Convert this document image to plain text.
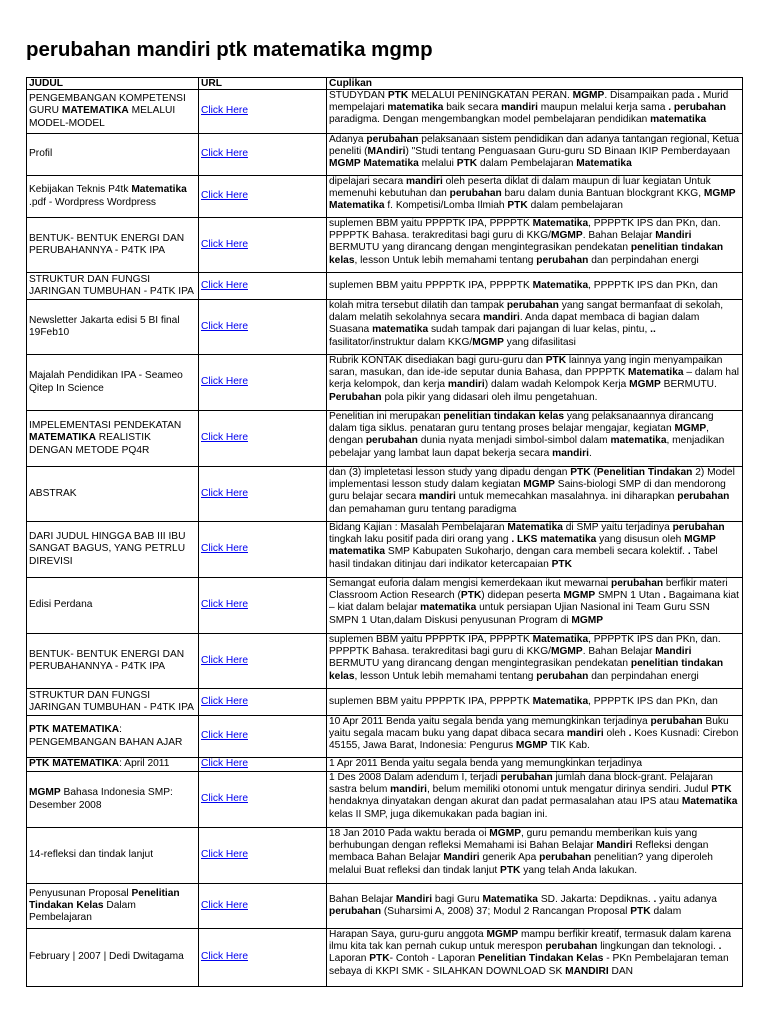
perubahan mandiri ptk matematika mgmp
JUDUL	URL	Cuplikan
PENGEMBANGAN KOMPETENSI GURU MATEMATIKA MELALUI MODEL-MODEL	Click Here	STUDYDAN PTK MELALUI PENINGKATAN PERAN. MGMP. Disampaikan pada . Murid mempelajari matematika baik secara mandiri maupun melalui kerja sama . perubahan paradigma. Dengan mengembangkan model pembelajaran pendidikan matematika
Profil	Click Here	Adanya perubahan pelaksanaan sistem pendidikan dan adanya tantangan regional, Ketua peneliti (MAndiri) "Studi tentang Penguasaan Guru-guru SD Binaan IKIP Pemberdayaan MGMP Matematika melalui PTK dalam Pembelajaran Matematika
Kebijakan Teknis P4tk Matematika .pdf - Wordpress Wordpress	Click Here	dipelajari secara mandiri oleh peserta diklat di dalam maupun di luar kegiatan Untuk memenuhi kebutuhan dan perubahan baru dalam dunia Bantuan blockgrant KKG, MGMP Matematika f. Kompetisi/Lomba Ilmiah PTK dalam pembelajaran
BENTUK- BENTUK ENERGI DAN PERUBAHANNYA - P4TK IPA	Click Here	suplemen BBM yaitu PPPPTK IPA, PPPPTK Matematika, PPPPTK IPS dan PKn, dan. PPPPTK Bahasa. terakreditasi bagi guru di KKG/MGMP. Bahan Belajar Mandiri BERMUTU yang dirancang dengan mengintegrasikan pendekatan penelitian tindakan kelas, lesson Untuk lebih memahami tentang perubahan dan perpindahan energi
STRUKTUR DAN FUNGSI JARINGAN TUMBUHAN - P4TK IPA	Click Here	suplemen BBM yaitu PPPPTK IPA, PPPPTK Matematika, PPPPTK IPS dan PKn, dan
Newsletter Jakarta edisi 5 BI final 19Feb10	Click Here	kolah mitra tersebut dilatih dan tampak perubahan yang sangat bermanfaat di sekolah, dalam melatih sekolahnya secara mandiri. Anda dapat membaca di bagian dalam Suasana matematika sudah tampak dari pajangan di luar kelas, pintu, .. fasilitator/instruktur dalam KKG/MGMP yang difasilitasi
Majalah Pendidikan IPA - Seameo Qitep In Science	Click Here	Rubrik KONTAK disediakan bagi guru-guru dan PTK lainnya yang ingin menyampaikan saran, masukan, dan ide-ide seputar dunia Bahasa, dan PPPPTK Matematika – dalam hal kerja kelompok, dan kerja mandiri) dalam wadah Kelompok Kerja MGMP BERMUTU. Perubahan pola pikir yang didasari oleh ilmu pengetahuan.
IMPELEMENTASI PENDEKATAN MATEMATIKA REALISTIK DENGAN METODE PQ4R	Click Here	Penelitian ini merupakan penelitian tindakan kelas yang pelaksanaannya dirancang dalam tiga siklus. penataran guru tentang proses belajar mengajar, kegiatan MGMP, dengan perubahan dunia nyata menjadi simbol-simbol dalam matematika, menjadikan pebelajar yang lambat laun dapat bekerja secara mandiri.
ABSTRAK	Click Here	dan (3) impletetasi lesson study yang dipadu dengan PTK (Penelitian Tindakan 2) Model implementasi lesson study dalam kegiatan MGMP Sains-biologi SMP di dan mendorong guru belajar secara mandiri untuk memecahkan masalahnya. ini diharapkan perubahan dan pemahaman guru tentang paradigma
DARI JUDUL HINGGA BAB III IBU SANGAT BAGUS, YANG PETRLU DIREVISI	Click Here	Bidang Kajian : Masalah Pembelajaran Matematika di SMP yaitu terjadinya perubahan tingkah laku positif pada diri orang yang . LKS matematika yang disusun oleh MGMP matematika SMP Kabupaten Sukoharjo, dengan cara membeli secara kolektif. . Tabel hasil tindakan ditinjau dari indikator ketercapaian PTK
Edisi Perdana	Click Here	Semangat euforia dalam mengisi kemerdekaan ikut mewarnai perubahan berfikir materi Classroom Action Research (PTK) didepan peserta MGMP SMPN 1 Utan . Bagaimana kiat – kiat dalam belajar matematika untuk persiapan Ujian Nasional ini Team Guru SSN SMPN 1 Utan,dalam Diskusi penyusunan Program di MGMP
BENTUK- BENTUK ENERGI DAN PERUBAHANNYA - P4TK IPA	Click Here	suplemen BBM yaitu PPPPTK IPA, PPPPTK Matematika, PPPPTK IPS dan PKn, dan. PPPPTK Bahasa. terakreditasi bagi guru di KKG/MGMP. Bahan Belajar Mandiri BERMUTU yang dirancang dengan mengintegrasikan pendekatan penelitian tindakan kelas, lesson Untuk lebih memahami tentang perubahan dan perpindahan energi
STRUKTUR DAN FUNGSI JARINGAN TUMBUHAN - P4TK IPA	Click Here	suplemen BBM yaitu PPPPTK IPA, PPPPTK Matematika, PPPPTK IPS dan PKn, dan
PTK MATEMATIKA: PENGEMBANGAN BAHAN AJAR	Click Here	10 Apr 2011 Benda yaitu segala benda yang memungkinkan terjadinya perubahan Buku yaitu segala macam buku yang dapat dibaca secara mandiri oleh . Koes Kusnadi: Cirebon 45155, Jawa Barat, Indonesia: Pengurus MGMP TIK Kab.
PTK MATEMATIKA: April 2011	Click Here	1 Apr 2011 Benda yaitu segala benda yang memungkinkan terjadinya
MGMP Bahasa Indonesia SMP: Desember 2008	Click Here	1 Des 2008 Dalam adendum I, terjadi perubahan jumlah dana block-grant. Pelajaran sastra belum mandiri, belum memiliki otonomi untuk mengatur dirinya sendiri. Judul PTK hendaknya dinyatakan dengan akurat dan padat permasalahan atau IPS atau Matematika kelas II SMP, juga dikemukakan pada bagian ini.
14-refleksi dan tindak lanjut	Click Here	18 Jan 2010 Pada waktu berada oi MGMP, guru pemandu memberikan kuis yang berhubungan dengan refleksi Memahami isi Bahan Belajar Mandiri Refleksi dengan membaca Bahan Belajar Mandiri generik Apa perubahan penelitian? yang diperoleh melalui Buat refleksi dan tindak lanjut PTK yang telah Anda lakukan.
Penyusunan Proposal Penelitian Tindakan Kelas Dalam Pembelajaran	Click Here	Bahan Belajar Mandiri bagi Guru Matematika SD. Jakarta: Depdiknas. . yaitu adanya perubahan (Suharsimi A, 2008) 37; Modul 2 Rancangan Proposal PTK dalam
February | 2007 | Dedi Dwitagama	Click Here	Harapan Saya, guru-guru anggota MGMP mampu berfikir kreatif, termasuk dalam karena ilmu kita tak kan pernah cukup untuk merespon perubahan lingkungan dan teknologi. . Laporan PTK- Contoh - Laporan Penelitian Tindakan Kelas - PKn Pembelajaran teman sebaya di KKPI SMK - SILAHKAN DOWNLOAD SK MANDIRI DAN
